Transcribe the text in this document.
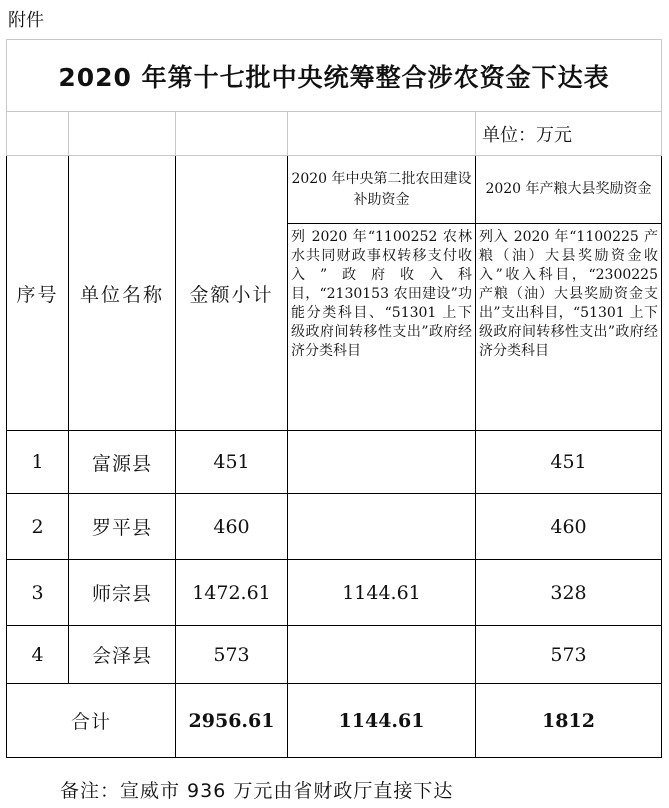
附件
2020 年第十七批中央统筹整合涉农资金下达表				
				单位：万元
序号	单位名称	金额小计	2020 年中央第二批农田建设补助资金	2020 年产粮大县奖励资金
			列 2020 年“1100252 农林水共同财政事权转移支付收入”政府收入科目，“2130153 农田建设”功能分类科目、“51301 上下级政府间转移性支出”政府经济分类科目	列入 2020 年“1100225 产粮（油）大县奖励资金收入”收入科目，“2300225 产粮（油）大县奖励资金支出”支出科目，“51301 上下级政府间转移性支出”政府经济分类科目
1	富源县	451		451
2	罗平县	460		460
3	师宗县	1472.61	1144.61	328
4	会泽县	573		573
合计		2956.61	1144.61	1812
备注：宣威市 936 万元由省财政厅直接下达
